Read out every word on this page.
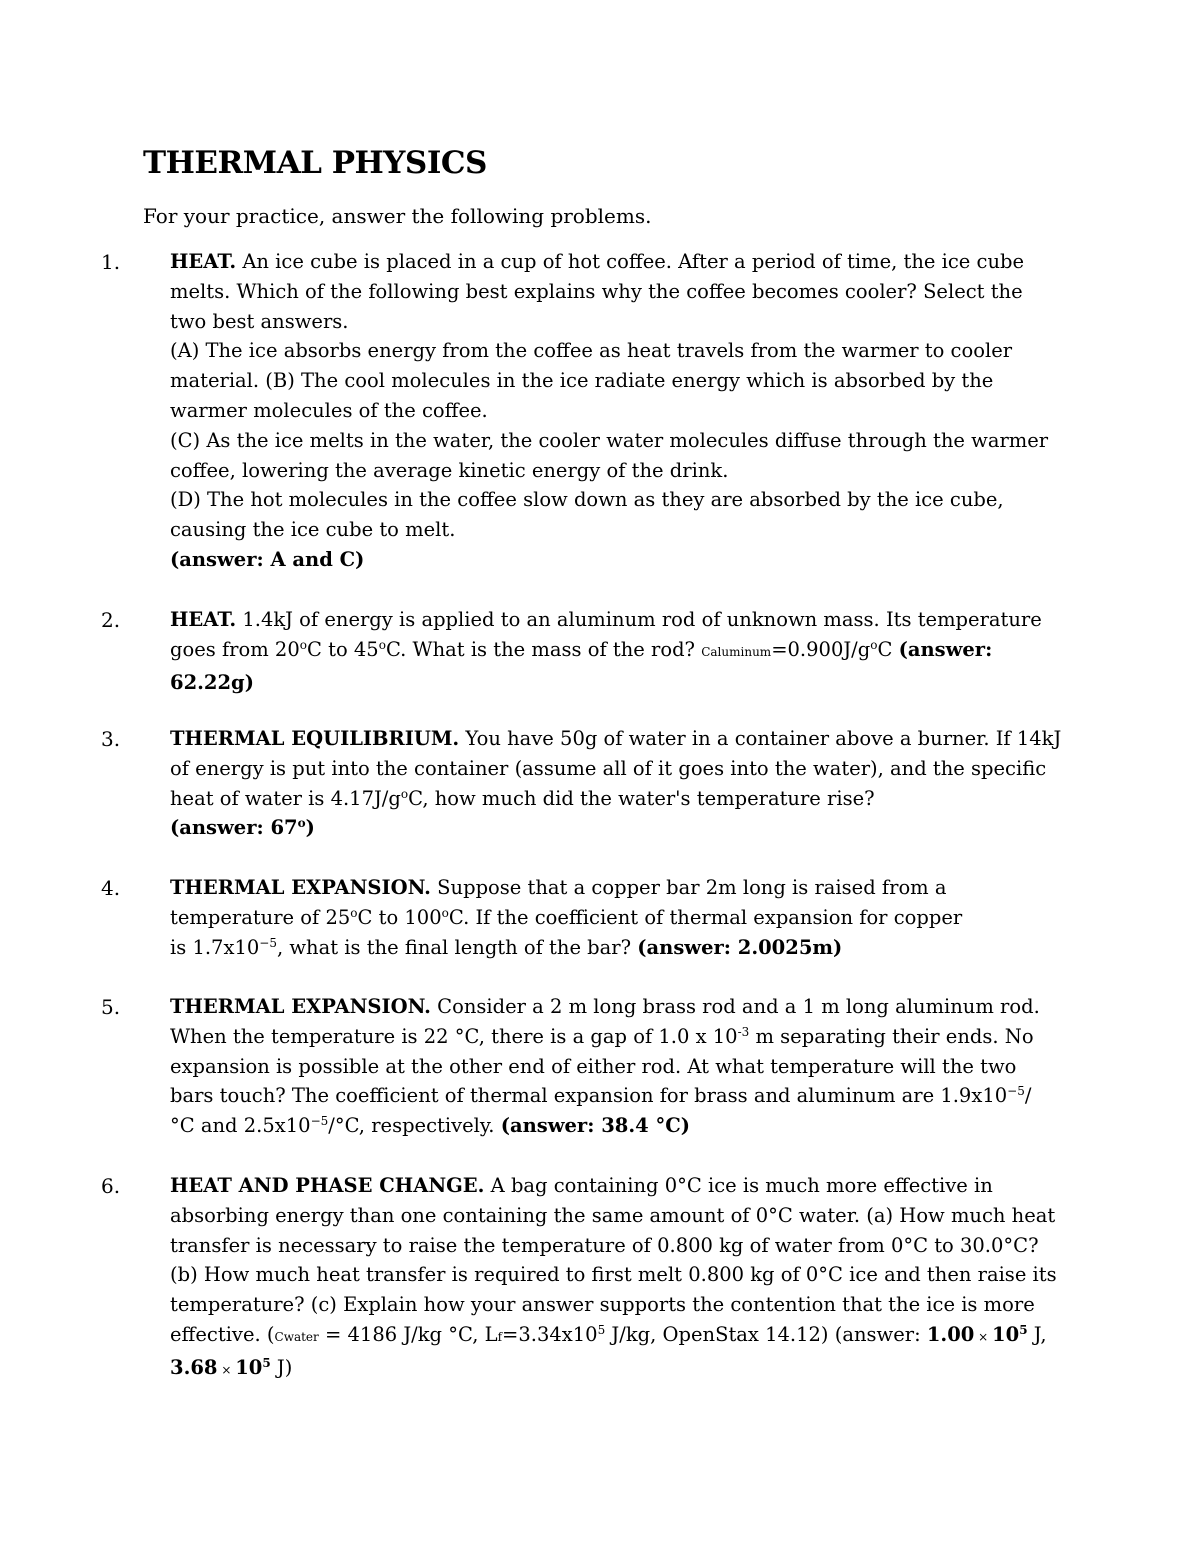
THERMAL PHYSICS

For your practice, answer the following problems.

1.	HEAT. An ice cube is placed in a cup of hot coffee. After a period of time, the ice cube melts. Which of the following best explains why the coffee becomes cooler? Select the two best answers.

(A) The ice absorbs energy from the coffee as heat travels from the warmer to cooler material. (B) The cool molecules in the ice radiate energy which is absorbed by the warmer molecules of the coffee.

(C) As the ice melts in the water, the cooler water molecules diffuse through the warmer coffee, lowering the average kinetic energy of the drink.

(D) The hot molecules in the coffee slow down as they are absorbed by the ice cube, causing the ice cube to melt.

(answer: A and C)

2.	HEAT. 1.4kJ of energy is applied to an aluminum rod of unknown mass. Its temperature goes from 20$^o$C to 45$^o$C. What is the mass of the rod? $Caluminum=0.900J/g^oC$ (answer: 62.22g)

3.	THERMAL EQUILIBRIUM. You have 50g of water in a container above a burner. If 14kJ of energy is put into the container (assume all of it goes into the water), and the specific heat of water is $4.17J/g^oC$, how much did the water's temperature rise?

(answer: 67$^o$)

4.	THERMAL EXPANSION. Suppose that a copper bar 2m long is raised from a temperature of 25$^o$C to 100$^o$C. If the coefficient of thermal expansion for copper is $1.7x10^{-5}$, what is the final length of the bar? (answer: 2.0025m)

5.	THERMAL EXPANSION. Consider a 2 m long brass rod and a 1 m long aluminum rod. When the temperature is 22 °C, there is a gap of 1.0 x $10^{-3}$ m separating their ends. No expansion is possible at the other end of either rod. At what temperature will the two bars touch? The coefficient of thermal expansion for brass and aluminum are $1.9x10^{-5}/^\circ C$ and $2.5x10^{-5}/^\circ C$, respectively. (answer: 38.4 °C)

6.	HEAT AND PHASE CHANGE. A bag containing 0°C ice is much more effective in absorbing energy than one containing the same amount of 0°C water. (a) How much heat transfer is necessary to raise the temperature of 0.800 kg of water from 0°C to 30.0°C? (b) How much heat transfer is required to first melt 0.800 kg of 0°C ice and then raise its temperature? (c) Explain how your answer supports the contention that the ice is more effective. (Cwater = 4186 J/kg °C, $Lf=3.34x10^5$ J/kg, OpenStax 14.12) (answer: $1.00 \times 10^5$ J, $3.68 \times 10^5$ J)
